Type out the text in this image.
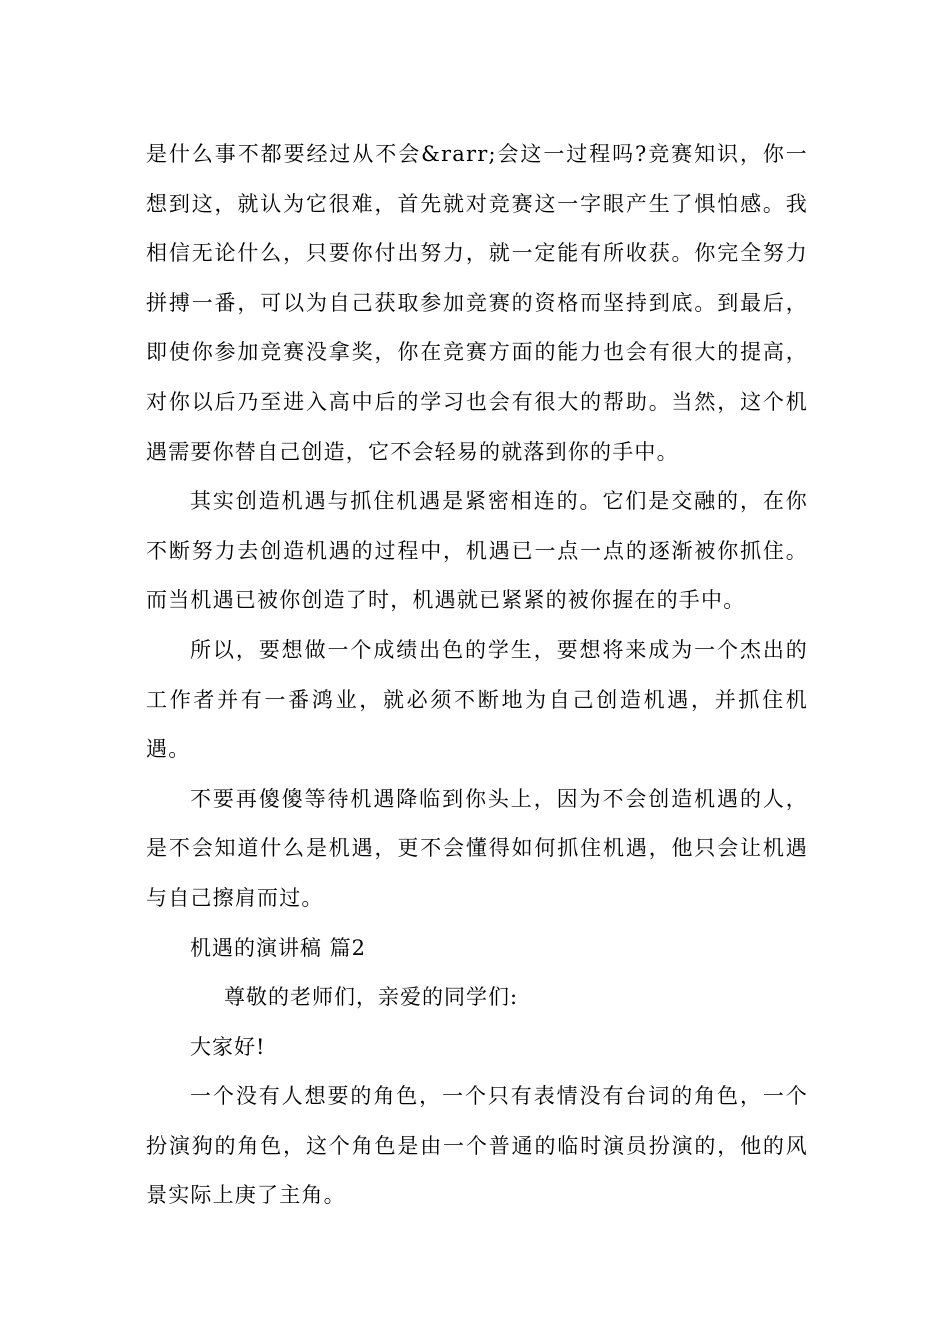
是什么事不都要经过从不会&rarr;会这一过程吗?竞赛知识，你一想到这，就认为它很难，首先就对竞赛这一字眼产生了惧怕感。我相信无论什么，只要你付出努力，就一定能有所收获。你完全努力拼搏一番，可以为自己获取参加竞赛的资格而坚持到底。到最后，即使你参加竞赛没拿奖，你在竞赛方面的能力也会有很大的提高，对你以后乃至进入高中后的学习也会有很大的帮助。当然，这个机遇需要你替自己创造，它不会轻易的就落到你的手中。

其实创造机遇与抓住机遇是紧密相连的。它们是交融的，在你不断努力去创造机遇的过程中，机遇已一点一点的逐渐被你抓住。而当机遇已被你创造了时，机遇就已紧紧的被你握在的手中。

所以，要想做一个成绩出色的学生，要想将来成为一个杰出的工作者并有一番鸿业，就必须不断地为自己创造机遇，并抓住机遇。

不要再傻傻等待机遇降临到你头上，因为不会创造机遇的人，是不会知道什么是机遇，更不会懂得如何抓住机遇，他只会让机遇与自己擦肩而过。

机遇的演讲稿 篇2

尊敬的老师们，亲爱的同学们:

大家好!

一个没有人想要的角色，一个只有表情没有台词的角色，一个扮演狗的角色，这个角色是由一个普通的临时演员扮演的，他的风景实际上庚了主角。
